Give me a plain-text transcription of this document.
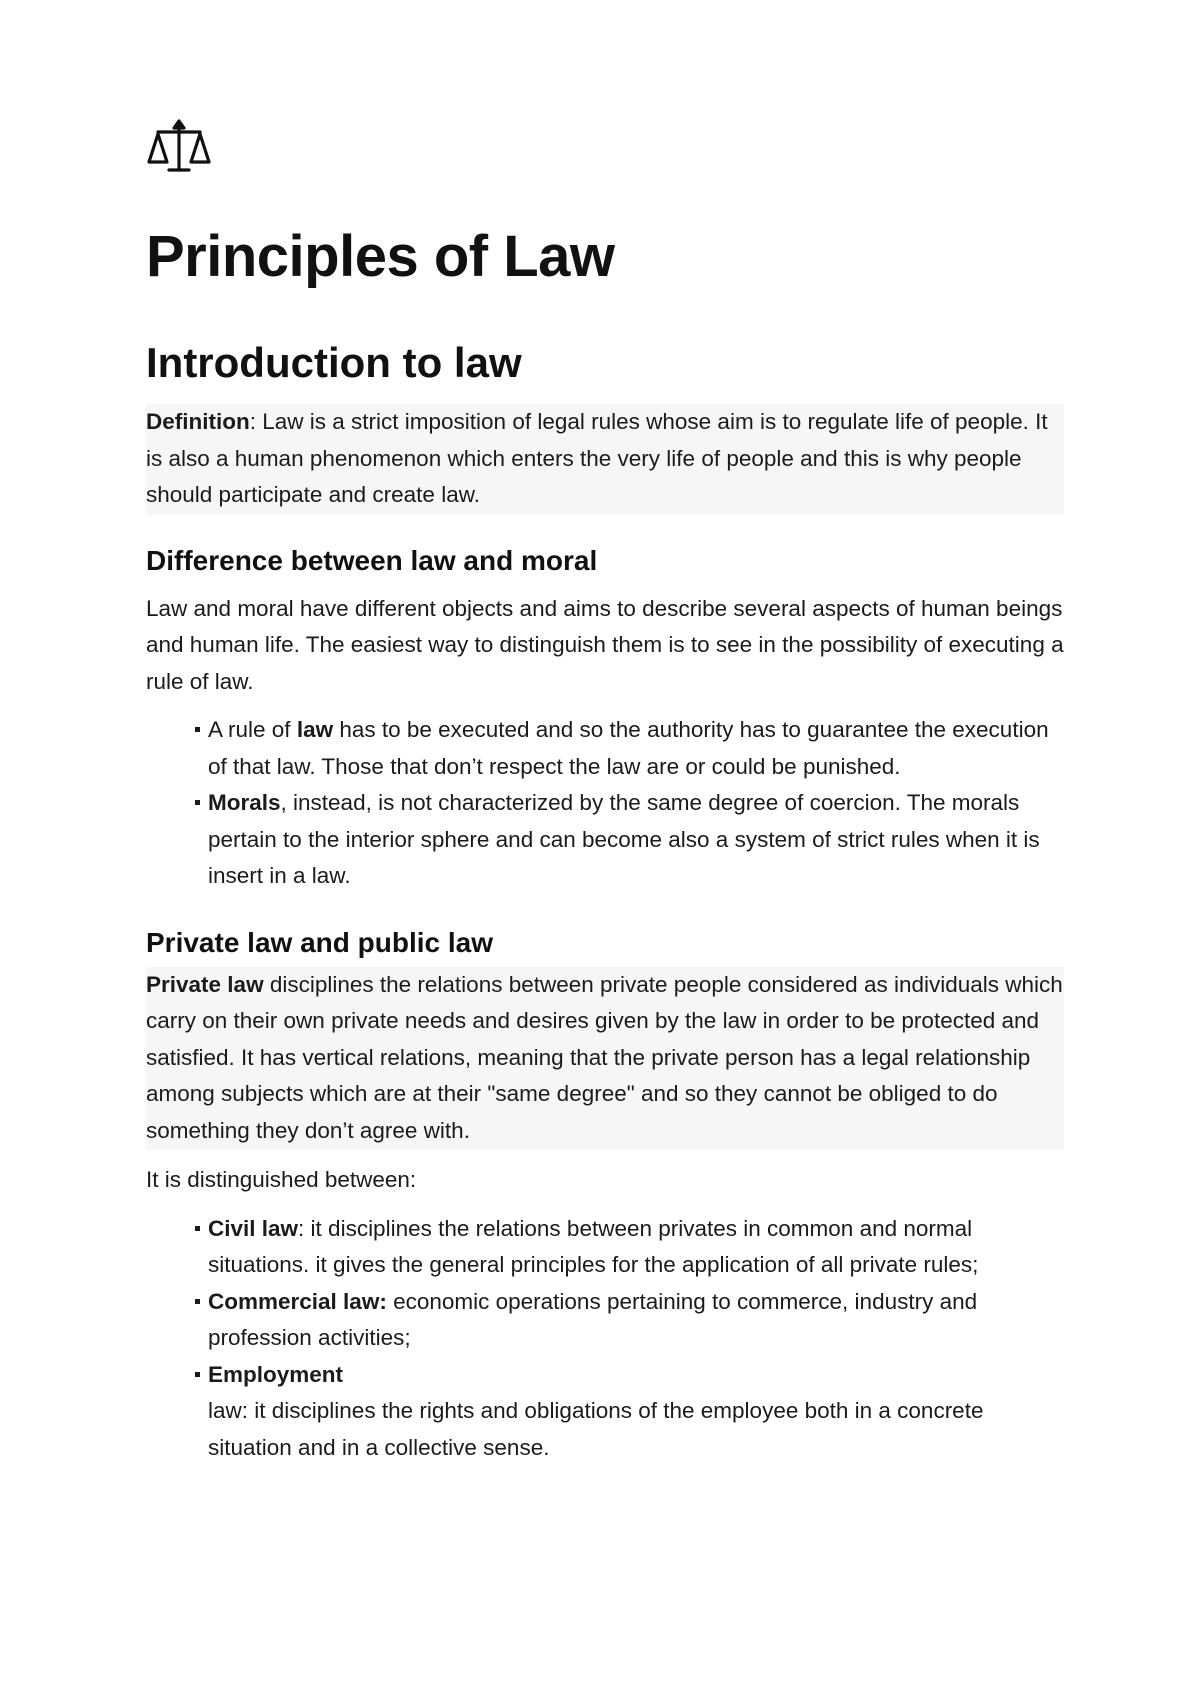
Principles of Law
Introduction to law

Definition: Law is a strict imposition of legal rules whose aim is to regulate life of people. It is also a human phenomenon which enters the very life of people and this is why people should participate and create law.

Difference between law and moral

Law and moral have different objects and aims to describe several aspects of human beings and human life. The easiest way to distinguish them is to see in the possibility of executing a rule of law.

A rule of law has to be executed and so the authority has to guarantee the execution of that law. Those that don’t respect the law are or could be punished.
Morals, instead, is not characterized by the same degree of coercion. The morals pertain to the interior sphere and can become also a system of strict rules when it is insert in a law.
Private law and public law

Private law disciplines the relations between private people considered as individuals which carry on their own private needs and desires given by the law in order to be protected and satisfied. It has vertical relations, meaning that the private person has a legal relationship among subjects which are at their "same degree" and so they cannot be obliged to do something they don’t agree with.

It is distinguished between:

Civil law: it disciplines the relations between privates in common and normal situations. it gives the general principles for the application of all private rules;
Commercial law: economic operations pertaining to commerce, industry and profession activities;
Employment
law: it disciplines the rights and obligations of the employee both in a concrete situation and in a collective sense.
